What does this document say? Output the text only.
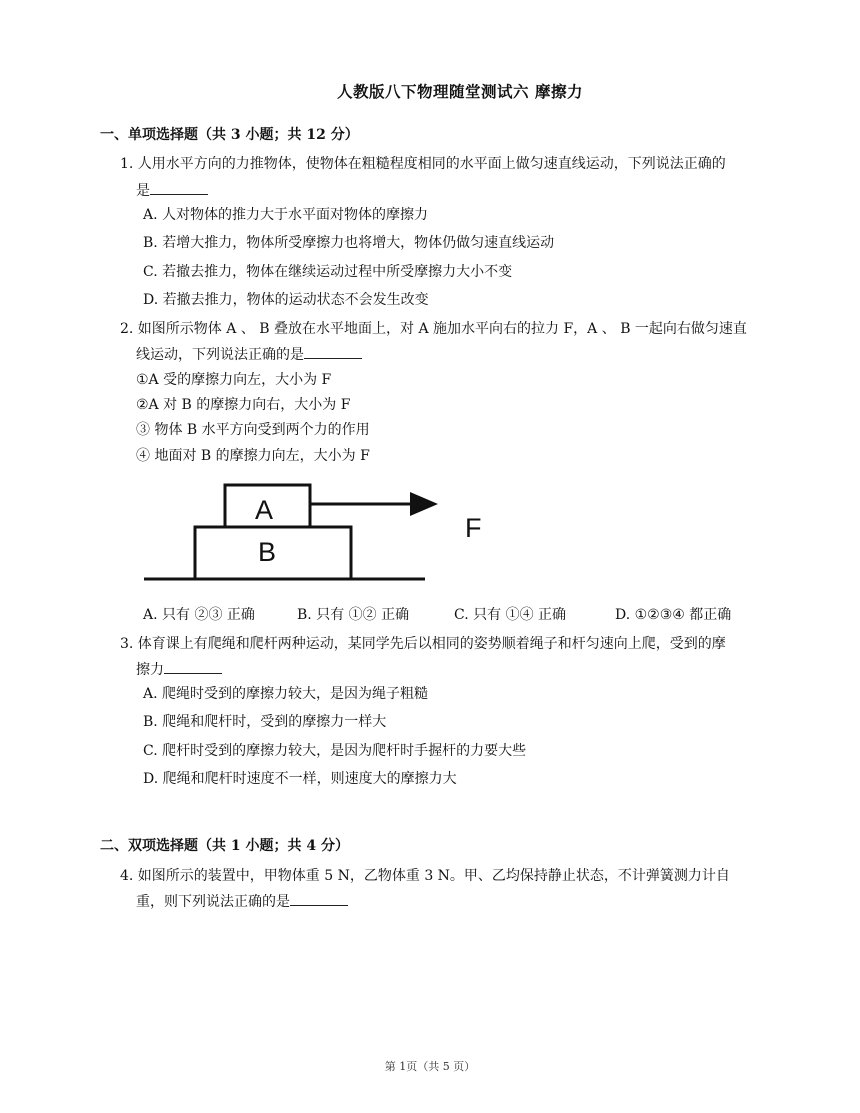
人教版八下物理随堂测试六 摩擦力
一、单项选择题（共 3 小题；共 12 分）
1. 人用水平方向的力推物体，使物体在粗糙程度相同的水平面上做匀速直线运动，下列说法正确的
是
A. 人对物体的推力大于水平面对物体的摩擦力
B. 若增大推力，物体所受摩擦力也将增大，物体仍做匀速直线运动
C. 若撤去推力，物体在继续运动过程中所受摩擦力大小不变
D. 若撤去推力，物体的运动状态不会发生改变
2. 如图所示物体 A 、 B 叠放在水平地面上，对 A 施加水平向右的拉力 F，A 、 B 一起向右做匀速直
线运动，下列说法正确的是
①A 受的摩擦力向左，大小为 F
②A 对 B 的摩擦力向右，大小为 F
③ 物体 B 水平方向受到两个力的作用
④ 地面对 B 的摩擦力向左，大小为 F
A
B
F
A. 只有 ②③ 正确	B. 只有 ①② 正确	C. 只有 ①④ 正确	D. ①②③④ 都正确
3. 体育课上有爬绳和爬杆两种运动，某同学先后以相同的姿势顺着绳子和杆匀速向上爬，受到的摩
擦力
A. 爬绳时受到的摩擦力较大，是因为绳子粗糙
B. 爬绳和爬杆时，受到的摩擦力一样大
C. 爬杆时受到的摩擦力较大，是因为爬杆时手握杆的力要大些
D. 爬绳和爬杆时速度不一样，则速度大的摩擦力大
二、双项选择题（共 1 小题；共 4 分）
4. 如图所示的装置中，甲物体重 5 N，乙物体重 3 N。甲、乙均保持静止状态，不计弹簧测力计自
重，则下列说法正确的是
第 1页（共 5 页）
